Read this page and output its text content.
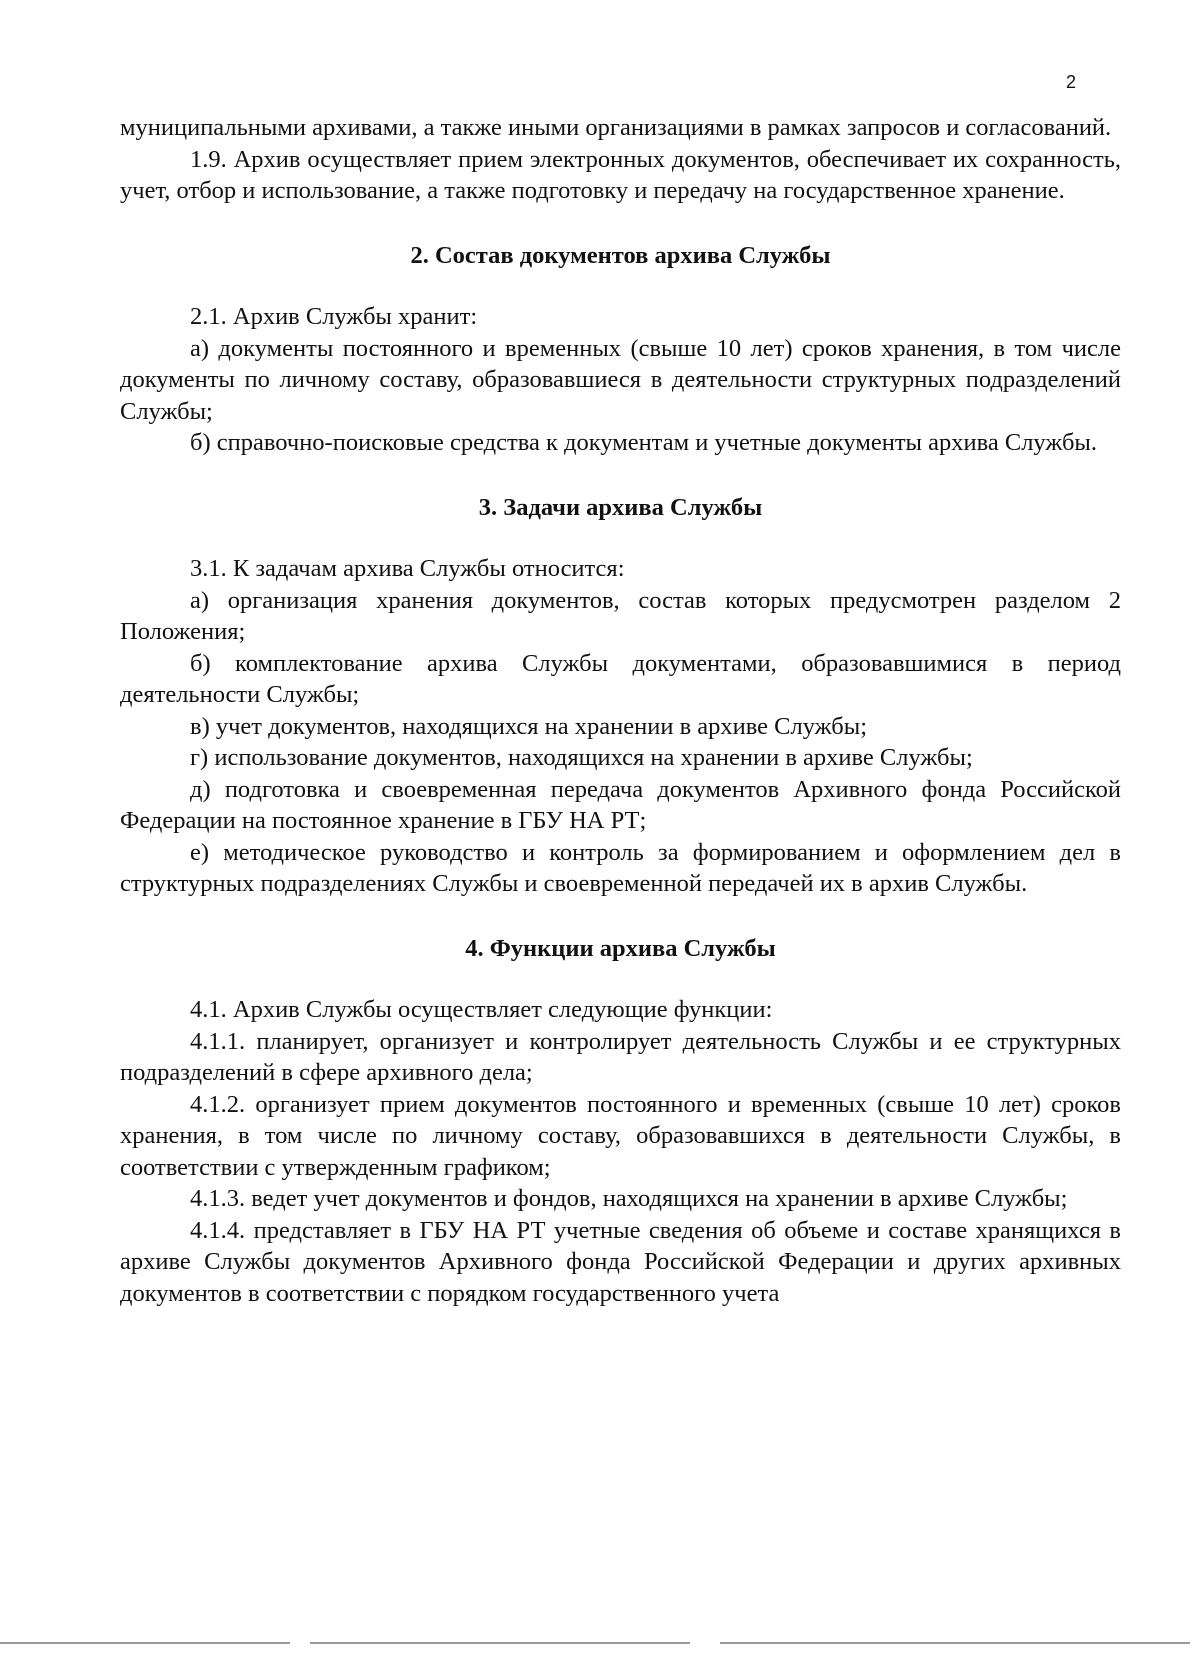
2

муниципальными архивами, а также иными организациями в рамках запросов и согласований.

1.9. Архив осуществляет прием электронных документов, обеспечивает их сохранность, учет, отбор и использование, а также подготовку и передачу на государственное хранение.

2. Состав документов архива Службы

2.1. Архив Службы хранит:

а) документы постоянного и временных (свыше 10 лет) сроков хранения, в том числе документы по личному составу, образовавшиеся в деятельности структурных подразделений Службы;

б) справочно-поисковые средства к документам и учетные документы архива Службы.

3. Задачи архива Службы

3.1. К задачам архива Службы относится:

а) организация хранения документов, состав которых предусмотрен разделом 2 Положения;

б) комплектование архива Службы документами, образовавшимися в период деятельности Службы;

в) учет документов, находящихся на хранении в архиве Службы;

г) использование документов, находящихся на хранении в архиве Службы;

д) подготовка и своевременная передача документов Архивного фонда Российской Федерации на постоянное хранение в ГБУ НА РТ;

е) методическое руководство и контроль за формированием и оформлением дел в структурных подразделениях Службы и своевременной передачей их в архив Службы.

4. Функции архива Службы

4.1. Архив Службы осуществляет следующие функции:

4.1.1. планирует, организует и контролирует деятельность Службы и ее структурных подразделений в сфере архивного дела;

4.1.2. организует прием документов постоянного и временных (свыше 10 лет) сроков хранения, в том числе по личному составу, образовавшихся в деятельности Службы, в соответствии с утвержденным графиком;

4.1.3. ведет учет документов и фондов, находящихся на хранении в архиве Службы;

4.1.4. представляет в ГБУ НА РТ учетные сведения об объеме и составе хранящихся в архиве Службы документов Архивного фонда Российской Федерации и других архивных документов в соответствии с порядком государственного учета
